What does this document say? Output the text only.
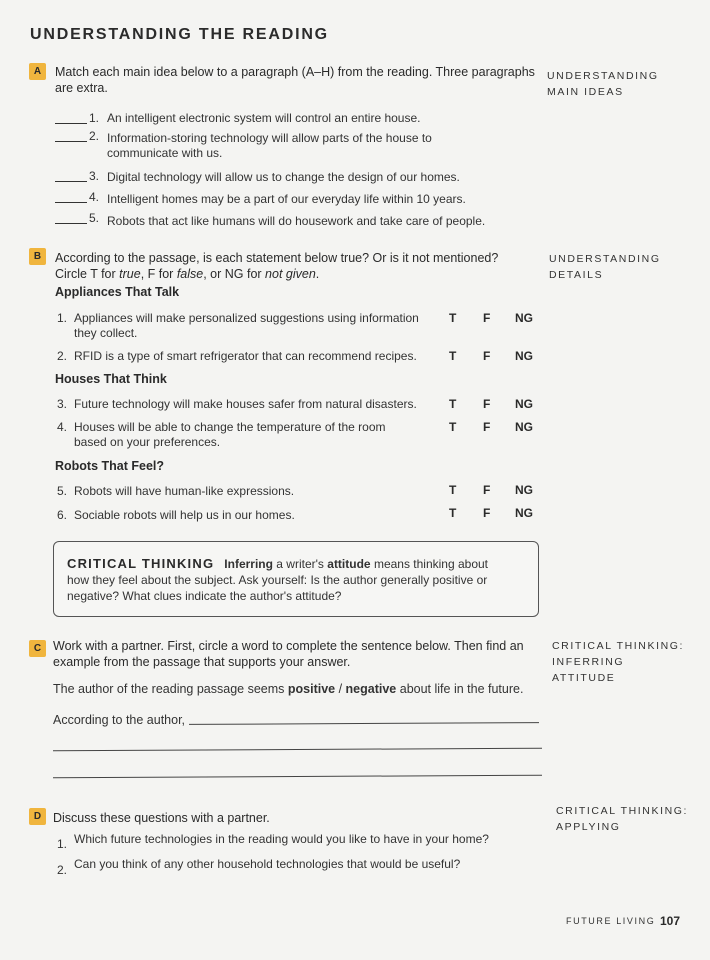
UNDERSTANDING THE READING
A	Match each main idea below to a paragraph (A–H) from the reading. Three paragraphs
are extra.
UNDERSTANDING
MAIN IDEAS
1. An intelligent electronic system will control an entire house.
2. Information-storing technology will allow parts of the house to
communicate with us.
3. Digital technology will allow us to change the design of our homes.
4. Intelligent homes may be a part of our everyday life within 10 years.
5. Robots that act like humans will do housework and take care of people.
B	According to the passage, is each statement below true? Or is it not mentioned?
Circle T for true, F for false, or NG for not given.
UNDERSTANDING
DETAILS
Appliances That Talk
1. Appliances will make personalized suggestions using information
they collect.
T F NG
2. RFID is a type of smart refrigerator that can recommend recipes.	T F NG
Houses That Think
3. Future technology will make houses safer from natural disasters.	T F NG
4. Houses will be able to change the temperature of the room
based on your preferences.
T F NG
Robots That Feel?
5. Robots will have human-like expressions.	T F NG
6. Sociable robots will help us in our homes.	T F NG
CRITICAL THINKING Inferring a writer's attitude means thinking about
how they feel about the subject. Ask yourself: Is the author generally positive or
negative? What clues indicate the author's attitude?
C Work with a partner. First, circle a word to complete the sentence below. Then find an
example from the passage that supports your answer.
CRITICAL THINKING:
INFERRING
ATTITUDE
The author of the reading passage seems positive / negative about life in the future.
According to the author,
D Discuss these questions with a partner.	CRITICAL THINKING:
APPLYING
1. Which future technologies in the reading would you like to have in your home?
2. Can you think of any other household technologies that would be useful?
FUTURE LIVING 107
